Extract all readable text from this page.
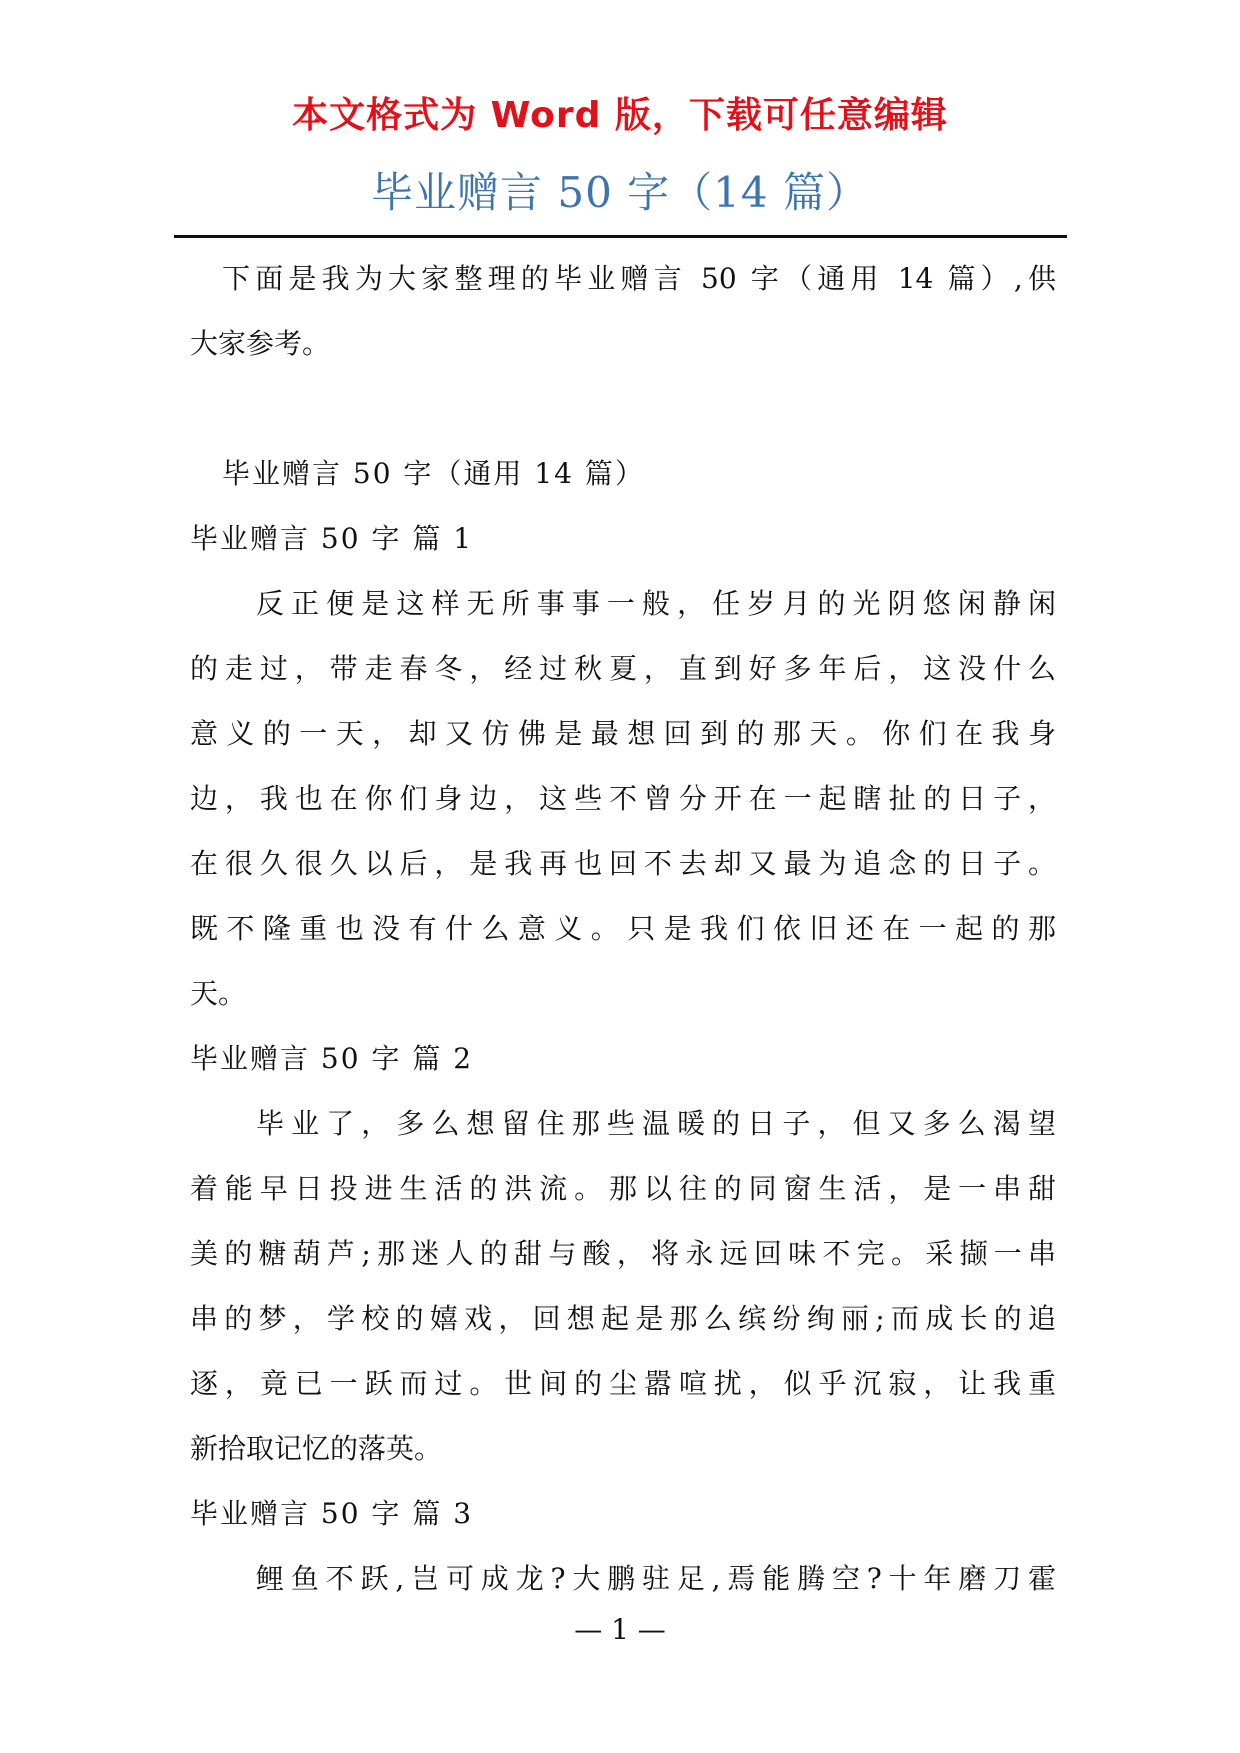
本文格式为 Word 版，下载可任意编辑
毕业赠言 50 字（14 篇）
下面是我为大家整理的毕业赠言 50 字（通用 14 篇）,供
大家参考。
毕业赠言 50 字（通用 14 篇）
毕业赠言 50 字 篇 1
反正便是这样无所事事一般，任岁月的光阴悠闲静闲
的走过，带走春冬，经过秋夏，直到好多年后，这没什么
意义的一天，却又仿佛是最想回到的那天。你们在我身
边，我也在你们身边，这些不曾分开在一起瞎扯的日子，
在很久很久以后，是我再也回不去却又最为追念的日子。
既不隆重也没有什么意义。只是我们依旧还在一起的那
天。
毕业赠言 50 字 篇 2
毕业了，多么想留住那些温暖的日子，但又多么渴望
着能早日投进生活的洪流。那以往的同窗生活，是一串甜
美的糖葫芦;那迷人的甜与酸，将永远回味不完。采撷一串
串的梦，学校的嬉戏，回想起是那么缤纷绚丽;而成长的追
逐，竟已一跃而过。世间的尘嚣喧扰，似乎沉寂，让我重
新拾取记忆的落英。
毕业赠言 50 字 篇 3
鲤鱼不跃,岂可成龙?大鹏驻足,焉能腾空?十年磨刀霍
— 1 —
